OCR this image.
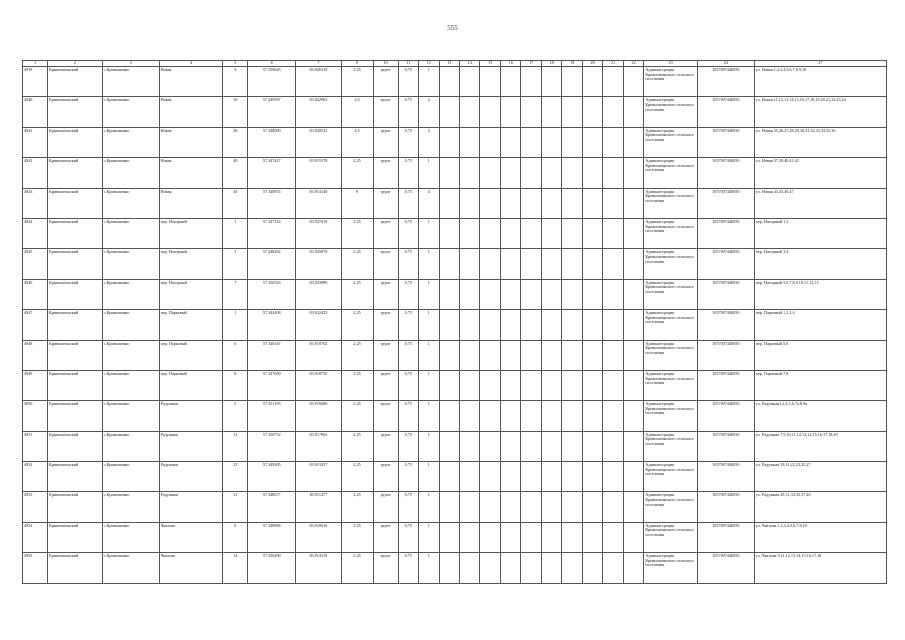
555
1	2	3	4	5	6	7	9	10	11	12	13	14	15	16	17	18	19	20	21	22	23	24	27
4939	Кривошеинский	с.Кривошеино	Новая	4	57.350645	83.926318	2,25	грунт	0,75	1											Администрация Кривошеинского сельского поселения	1057007440050	ул. Новая 1,2,3,4,5,6,7,8,9,10
4940	Кривошеинский	с.Кривошеино	Новая	16	57.349597	83.922903	4,5	грунт	0,75	2											Администрация Кривошеинского сельского поселения	1057007440050	ул. Новая 11,12,13,14,15,16,17,18,19,20,21,22,23,24
4941	Кривошеинский	с.Кривошеино	Новая	28	57.348090	83.920522	4,5	грунт	0,75	2											Администрация Кривошеинского сельского поселения	1057007440050	ул. Новая 25,26,27,28,29,30,31,32,33,34,35,36
4942	Кривошеинский	с.Кривошеино	Новая	40	57.347427	83.915578	2,25	грунт	0,75	1											Администрация Кривошеинского сельского поселения	1057007440050	ул. Новая 37,39,40,41,42
4943	Кривошеинский	с.Кривошеино	Новая	45	57.346874	83.914140	9	грунт	0,75	4											Администрация Кривошеинского сельского поселения	1057007440050	ул. Новая 43,45,46,47
4944	Кривошеинский	с.Кривошеино	пер. Нагорный	1	57.347314	83.927019	2,25	грунт	0,75	1											Администрация Кривошеинского сельского поселения	1057007440050	пер. Нагорный 1,2
4945	Кривошеинский	с.Кривошеино	пер. Нагорный	3	57.348492	83.925878	2,25	грунт	0,75	1											Администрация Кривошеинского сельского поселения	1057007440050	пер. Нагорный 3,4
4946	Кривошеинский	с.Кривошеино	пер. Нагорный	7	57.350543	83.923989	2,25	грунт	0,75	1											Администрация Кривошеинского сельского поселения	1057007440050	пер. Нагорный 5,6,7,8,9,10,11,12,13
4947	Кривошеинский	с.Кривошеино	пер. Парковый	1	57.344408	83.922425	2,25	грунт	0,75	1											Администрация Кривошеинского сельского поселения	1057007440050	пер. Парковый 1,2,3,4
4948	Кривошеинский	с.Кривошеино	пер. Парковый	6	57.346347	83.919702	2,25	грунт	0,75	1											Администрация Кривошеинского сельского поселения	1057007440050	пер. Парковый 5,6
4949	Кривошеинский	с.Кривошеино	пер. Парковый	8	57.347609	83.918750	2,25	грунт	0,75	1											Администрация Кривошеинского сельского поселения	1057007440050	пер. Парковый 7,8
4950	Кривошеинский	с.Кривошеино	Радужная	5	57.351195	83.919280	2,25	грунт	0,75	1											Администрация Кривошеинского сельского поселения	1057007440050	ул. Радужная1,2,4,5,6,7а,8,9а
4951	Кривошеинский	с.Кривошеино	Радужная	11	57.350752	83.917863	2,25	грунт	0,75	1											Администрация Кривошеинского сельского поселения	1057007440050	ул. Радужная 7,9,10,11,12,13,14,15,16,17,18,20
4952	Кривошеинский	с.Кривошеино	Радужная	23	57.349305	83.913357	2,25	грунт	0,75	1											Администрация Кривошеинского сельского поселения	1057007440050	ул. Радужная 19,21,22,23,25,27
4953	Кривошеинский	с.Кривошеино	Радужная	31	57.348677	83.911477	2,25	грунт	0,75	1											Администрация Кривошеинского сельского поселения	1057007440050	ул. Радужная 29,31,33,35,37,40
4954	Кривошеинский	с.Кривошеино	Чкалова	6	57.348906	83.910616	2,25	грунт	0,75	1											Администрация Кривошеинского сельского поселения	1057007440050	ул. Чкалова 1,2,3,4,5,6,7,8,10
4955	Кривошеинский	с.Кривошеино	Чкалова	14	57.350490	83.914119	2,25	грунт	0,75	1											Администрация Кривошеинского сельского поселения	1057007440050	ул. Чкалова 9,11,12,13,14,15,16,17,18
